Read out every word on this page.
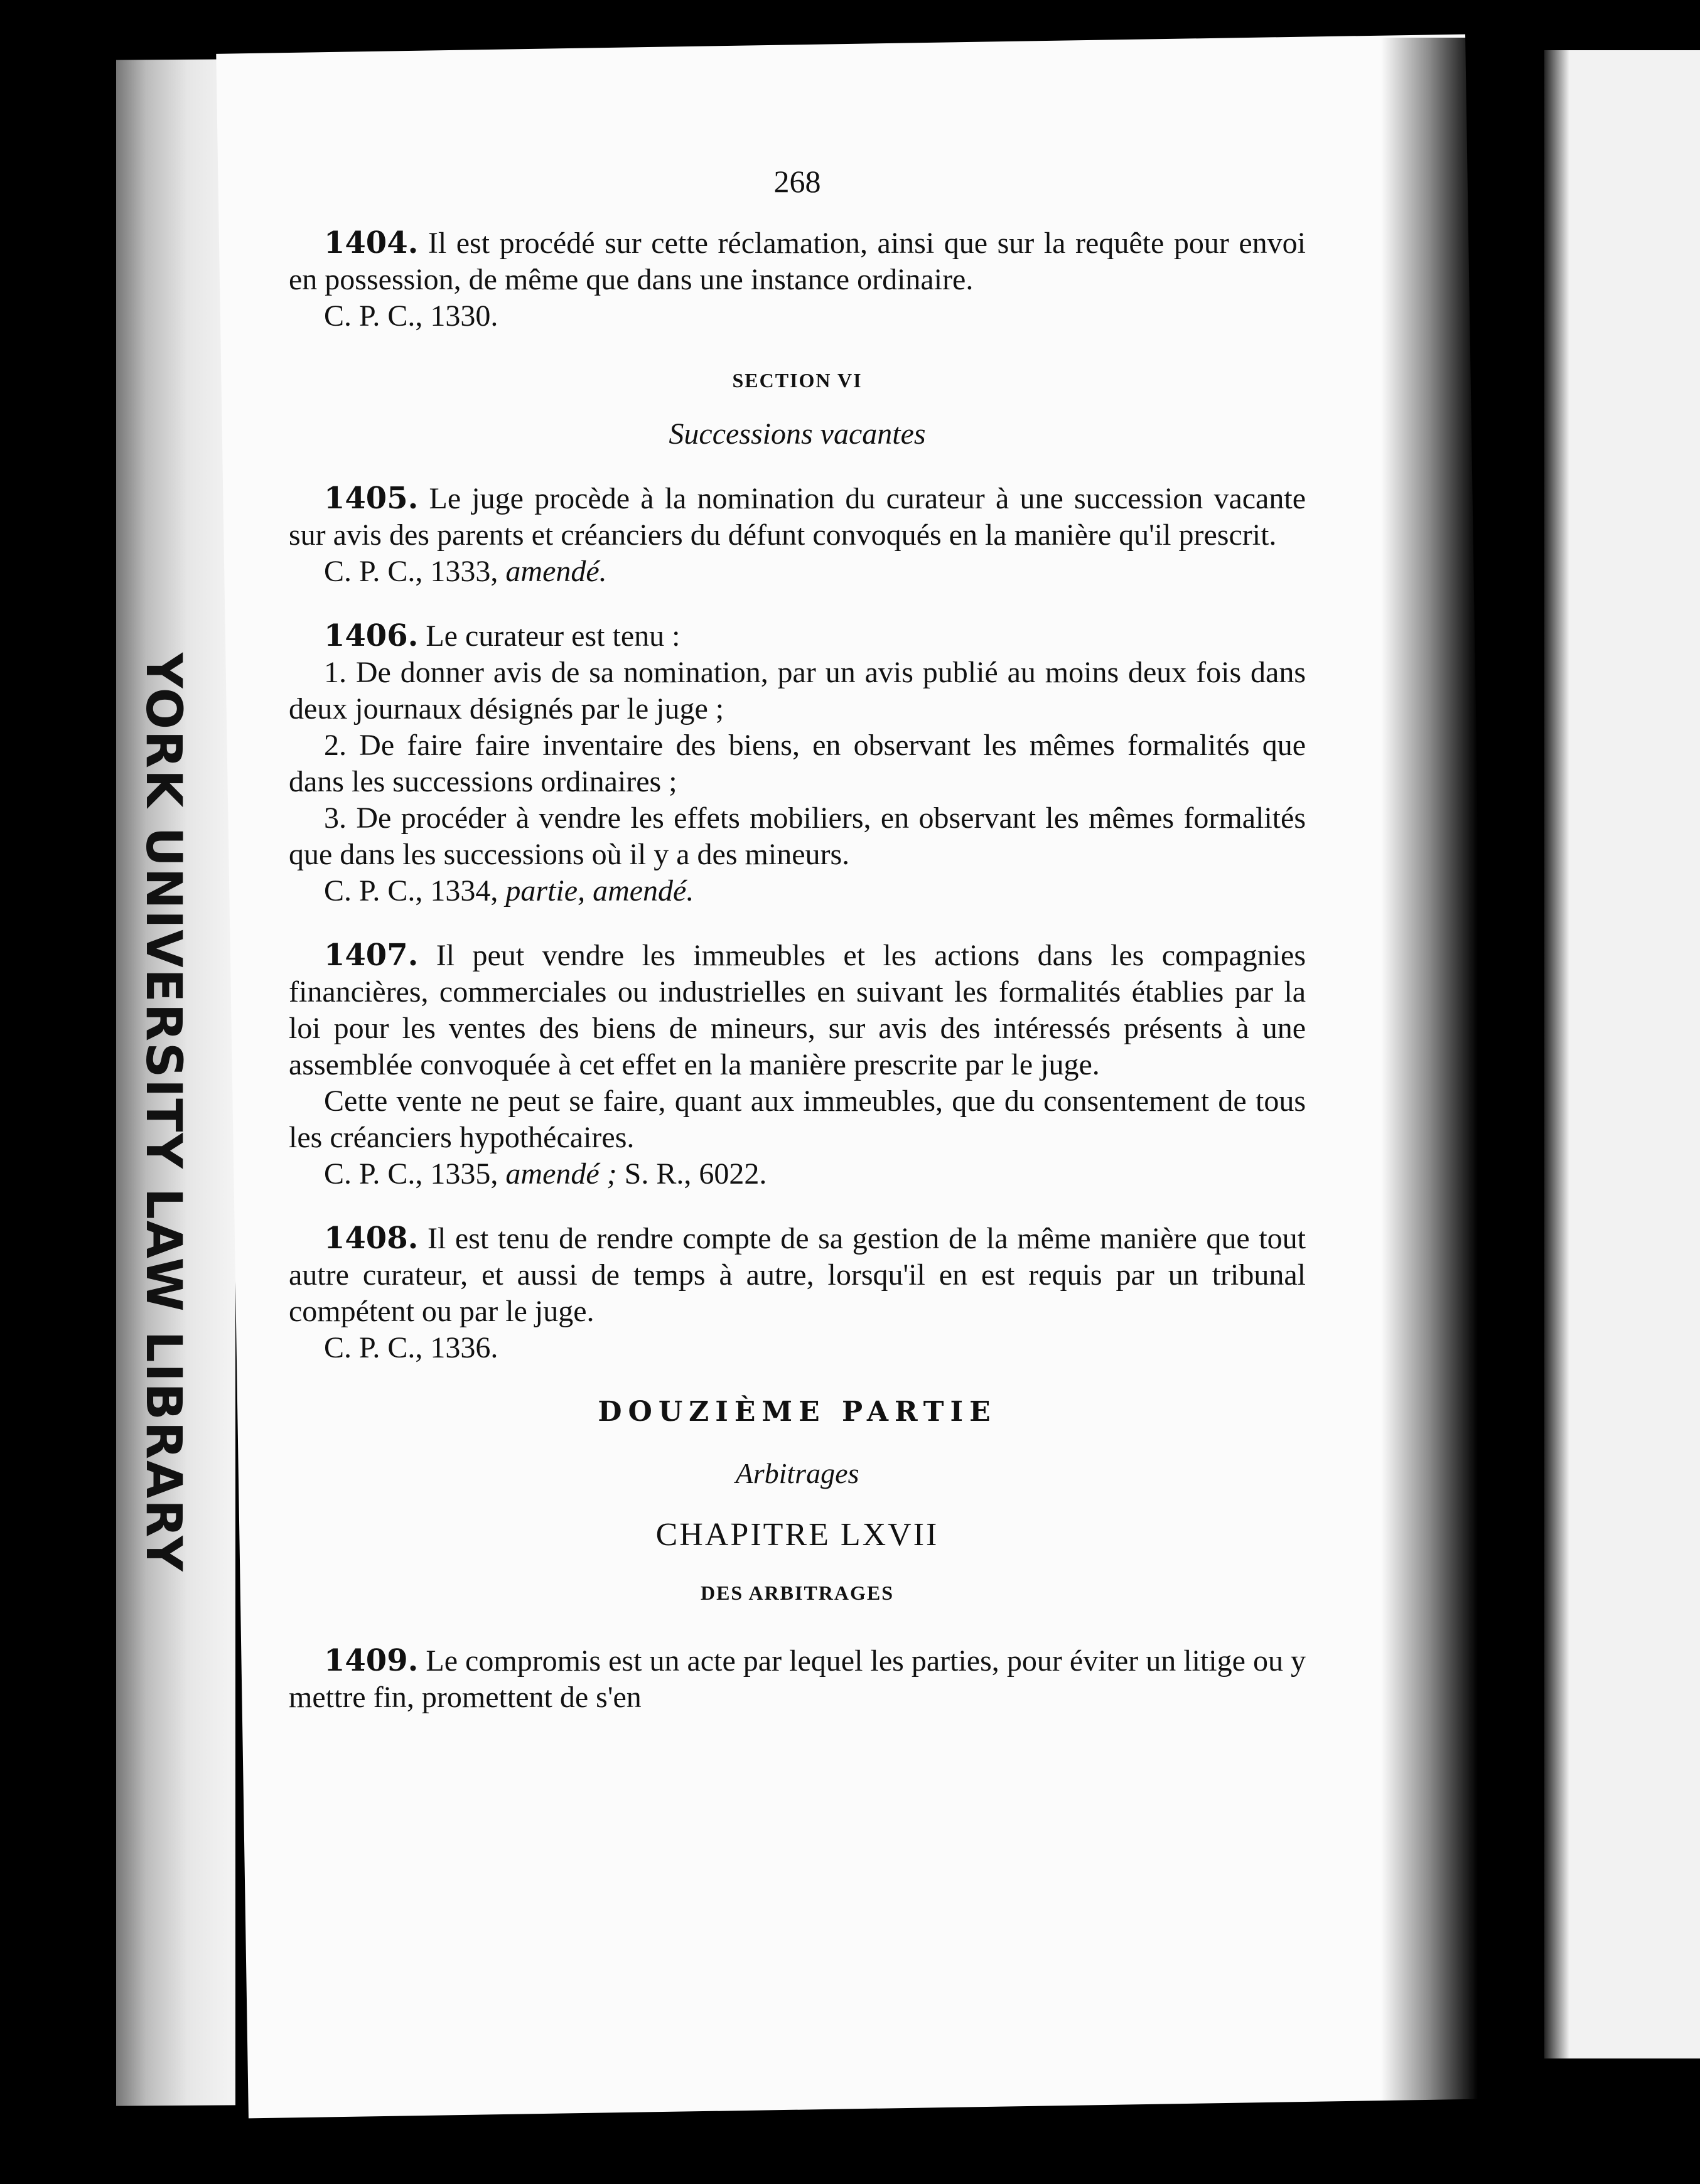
YORK UNIVERSITY LAW LIBRARY
268

1404. Il est procédé sur cette réclamation, ainsi que sur la requête pour envoi en possession, de même que dans une instance ordinaire.

C. P. C., 1330.

SECTION VI
Successions vacantes

1405. Le juge procède à la nomination du curateur à une succession vacante sur avis des parents et créanciers du défunt convoqués en la manière qu'il prescrit.

C. P. C., 1333, amendé.

1406. Le curateur est tenu :

1. De donner avis de sa nomination, par un avis publié au moins deux fois dans deux journaux désignés par le juge ;

2. De faire faire inventaire des biens, en observant les mêmes formalités que dans les successions ordinaires ;

3. De procéder à vendre les effets mobiliers, en observant les mêmes formalités que dans les successions où il y a des mineurs.

C. P. C., 1334, partie, amendé.

1407. Il peut vendre les immeubles et les actions dans les compagnies financières, commerciales ou industrielles en suivant les formalités établies par la loi pour les ventes des biens de mineurs, sur avis des intéressés présents à une assemblée convoquée à cet effet en la manière prescrite par le juge.

Cette vente ne peut se faire, quant aux immeubles, que du consentement de tous les créanciers hypothécaires.

C. P. C., 1335, amendé ; S. R., 6022.

1408. Il est tenu de rendre compte de sa gestion de la même manière que tout autre curateur, et aussi de temps à autre, lorsqu'il en est requis par un tribunal compétent ou par le juge.

C. P. C., 1336.

DOUZIÈME PARTIE
Arbitrages
CHAPITRE LXVII
DES ARBITRAGES

1409. Le compromis est un acte par lequel les parties, pour éviter un litige ou y mettre fin, promettent de s'en
